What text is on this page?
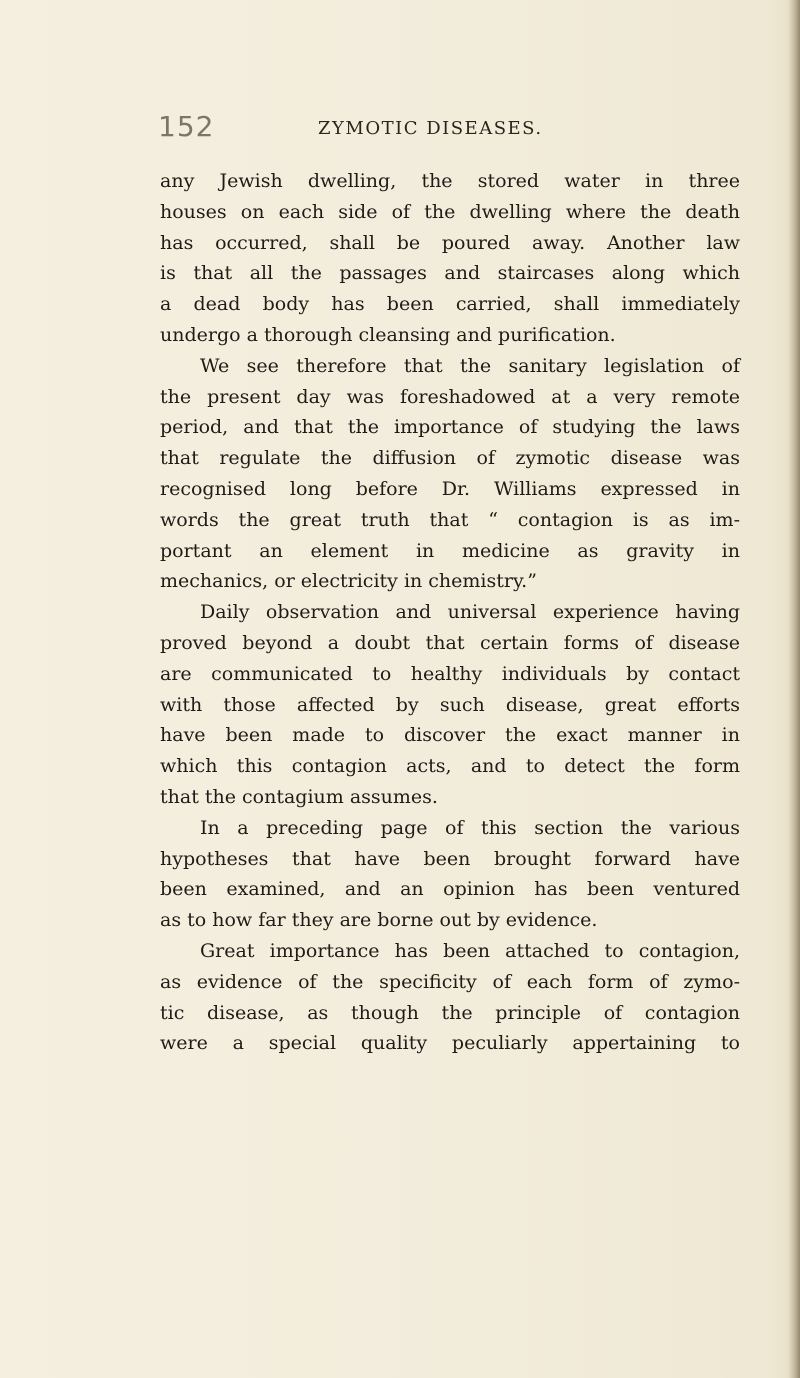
152	ZYMOTIC DISEASES.
any Jewish dwelling, the stored water in three
houses on each side of the dwelling where the death
has occurred, shall be poured away. Another law
is that all the passages and staircases along which
a dead body has been carried, shall immediately
undergo a thorough cleansing and purification.
We see therefore that the sanitary legislation of
the present day was foreshadowed at a very remote
period, and that the importance of studying the laws
that regulate the diffusion of zymotic disease was
recognised long before Dr. Williams expressed in
words the great truth that “ contagion is as im-
portant an element in medicine as gravity in
mechanics, or electricity in chemistry.”
Daily observation and universal experience having
proved beyond a doubt that certain forms of disease
are communicated to healthy individuals by contact
with those affected by such disease, great efforts
have been made to discover the exact manner in
which this contagion acts, and to detect the form
that the contagium assumes.
In a preceding page of this section the various
hypotheses that have been brought forward have
been examined, and an opinion has been ventured
as to how far they are borne out by evidence.
Great importance has been attached to contagion,
as evidence of the specificity of each form of zymo-
tic disease, as though the principle of contagion
were a special quality peculiarly appertaining to
